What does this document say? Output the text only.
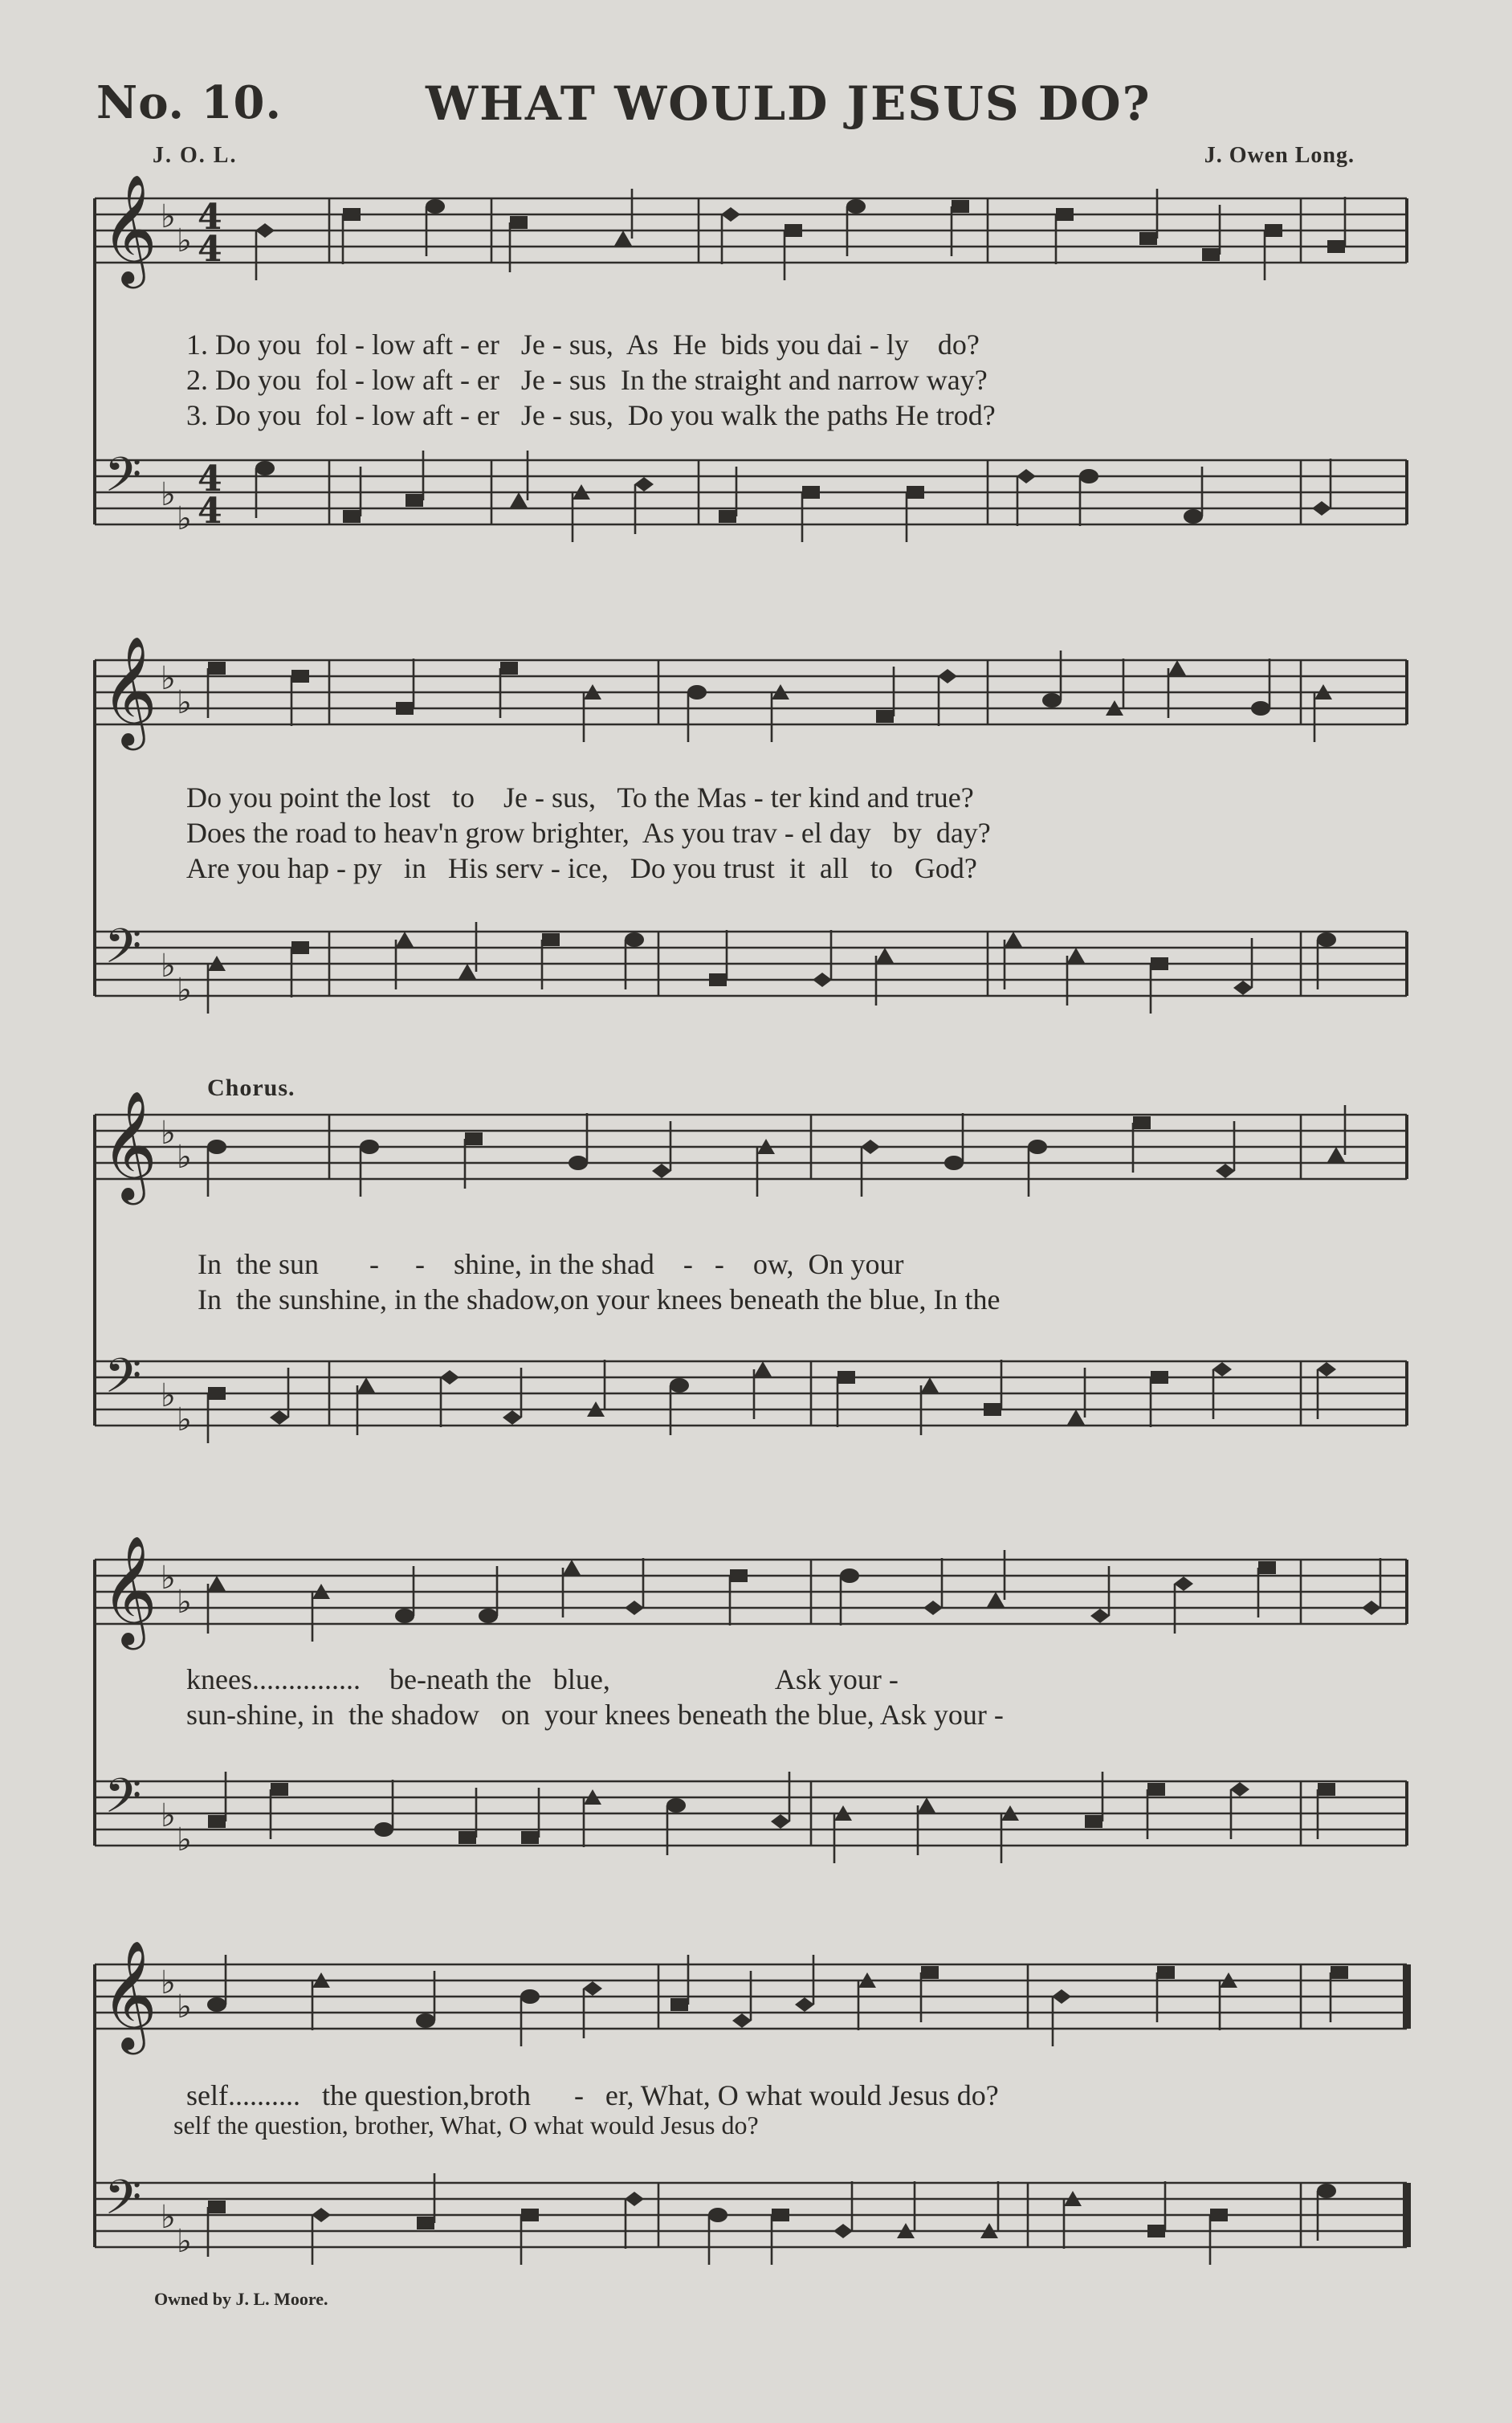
No. 10.	WHAT WOULD JESUS DO?
J. O. L.	J. Owen Long.
𝄞 ♭
♭
4
4
𝄢 ♭
♭
4
4
1. Do you  fol - low aft - er   Je - sus,  As  He  bids you dai - ly    do?
2. Do you  fol - low aft - er   Je - sus  In the straight and narrow way?
3. Do you  fol - low aft - er   Je - sus,  Do you walk the paths He trod?
𝄞 ♭
♭
𝄢 ♭
♭
Do you point the lost   to    Je - sus,   To the Mas - ter kind and true?
Does the road to heav'n grow brighter,  As you trav - el day   by  day?
Are you hap - py   in   His serv - ice,   Do you trust  it  all   to   God?
Chorus.
𝄞 ♭
♭
𝄢 ♭
♭
In  the sun       -     -    shine, in the shad    -   -    ow,  On your
In  the sunshine, in the shadow,on your knees beneath the blue, In the
𝄞 ♭
♭
𝄢 ♭
♭
knees...............    be-neath the   blue,                       Ask your -
sun-shine, in  the shadow   on  your knees beneath the blue, Ask your -
𝄞 ♭
♭
𝄢 ♭
♭
self..........   the question,broth      -   er, What, O what would Jesus do?
self the question, brother, What, O what would Jesus do?
Owned by J. L. Moore.
